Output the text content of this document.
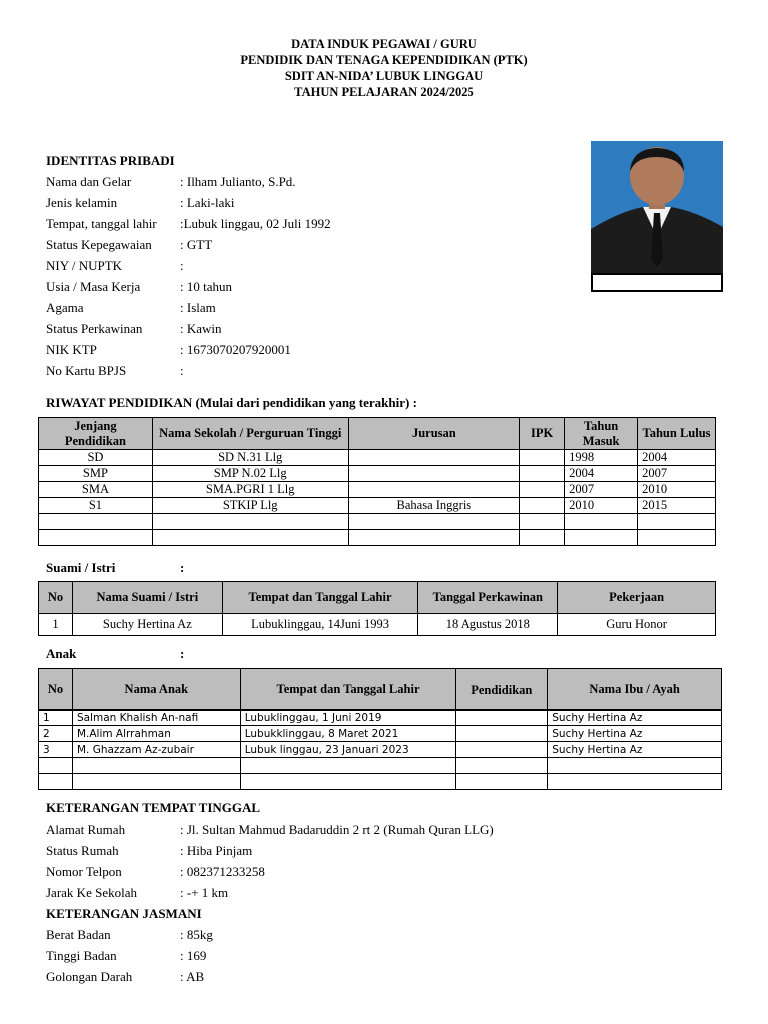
DATA INDUK PEGAWAI / GURU
PENDIDIK DAN TENAGA KEPENDIDIKAN (PTK)
SDIT AN-NIDA’ LUBUK LINGGAU
TAHUN PELAJARAN 2024/2025
IDENTITAS PRIBADI
Nama dan Gelar	: Ilham Julianto, S.Pd.
Jenis kelamin	: Laki-laki
Tempat, tanggal lahir :Lubuk linggau, 02 Juli 1992
Status Kepegawaian : GTT
NIY / NUPTK	:
Usia / Masa Kerja	: 10 tahun
Agama	: Islam
Status Perkawinan	: Kawin
NIK KTP	: 1673070207920001
No Kartu BPJS	:
RIWAYAT PENDIDIKAN (Mulai dari pendidikan yang terakhir) :
Jenjang Pendidikan	Nama Sekolah / Perguruan Tinggi	Jurusan	IPK	Tahun Masuk	Tahun Lulus
SD	SD N.31 Llg			1998	2004
SMP	SMP N.02 Llg			2004	2007
SMA	SMA.PGRI 1 Llg			2007	2010
S1	STKIP Llg	Bahasa Inggris		2010	2015

Suami / Istri	:
No	Nama Suami / Istri	Tempat dan Tanggal Lahir	Tanggal Perkawinan	Pekerjaan
1	Suchy Hertina Az	Lubuklinggau, 14Juni 1993	18 Agustus 2018	Guru Honor
Anak	:
No	Nama Anak	Tempat dan Tanggal Lahir	Pendidikan	Nama Ibu / Ayah
1	Salman Khalish An-nafi	Lubuklinggau, 1 Juni 2019		Suchy Hertina Az
2	M.Alim Alrrahman	Lubukklinggau, 8 Maret 2021		Suchy Hertina Az
3	M. Ghazzam Az-zubair	Lubuk linggau, 23 Januari 2023		Suchy Hertina Az

KETERANGAN TEMPAT TINGGAL
Alamat Rumah	: Jl. Sultan Mahmud Badaruddin 2 rt 2 (Rumah Quran LLG)
Status Rumah	: Hiba Pinjam
Nomor Telpon	: 082371233258
Jarak Ke Sekolah	: -+ 1 km
KETERANGAN JASMANI
Berat Badan	: 85kg
Tinggi Badan	: 169
Golongan Darah	: AB
